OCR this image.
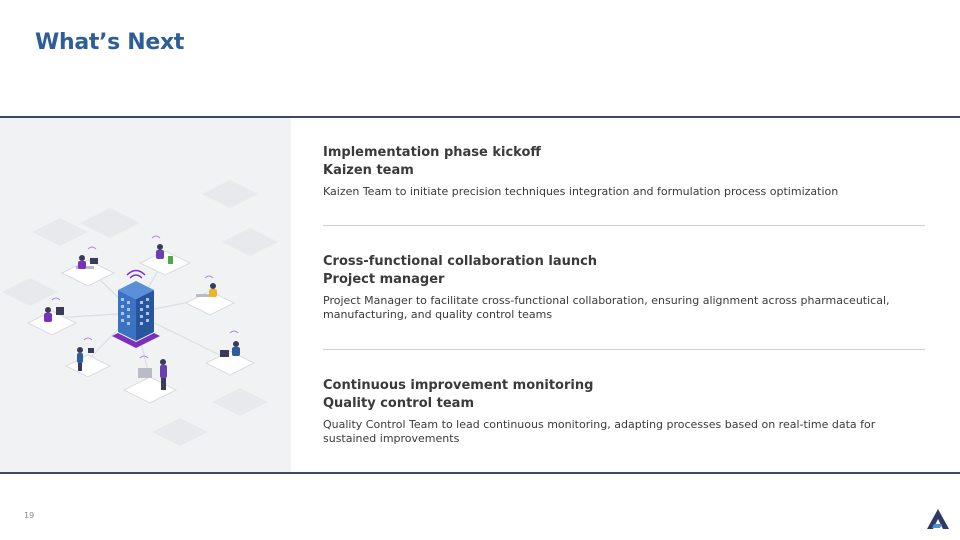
What’s Next
Implementation phase kickoff
Kaizen team
Kaizen Team to initiate precision techniques integration and formulation process optimization
Cross-functional collaboration launch
Project manager
Project Manager to facilitate cross-functional collaboration, ensuring alignment across pharmaceutical, manufacturing, and quality control teams
Continuous improvement monitoring
Quality control team
Quality Control Team to lead continuous monitoring, adapting processes based on real-time data for sustained improvements
19
